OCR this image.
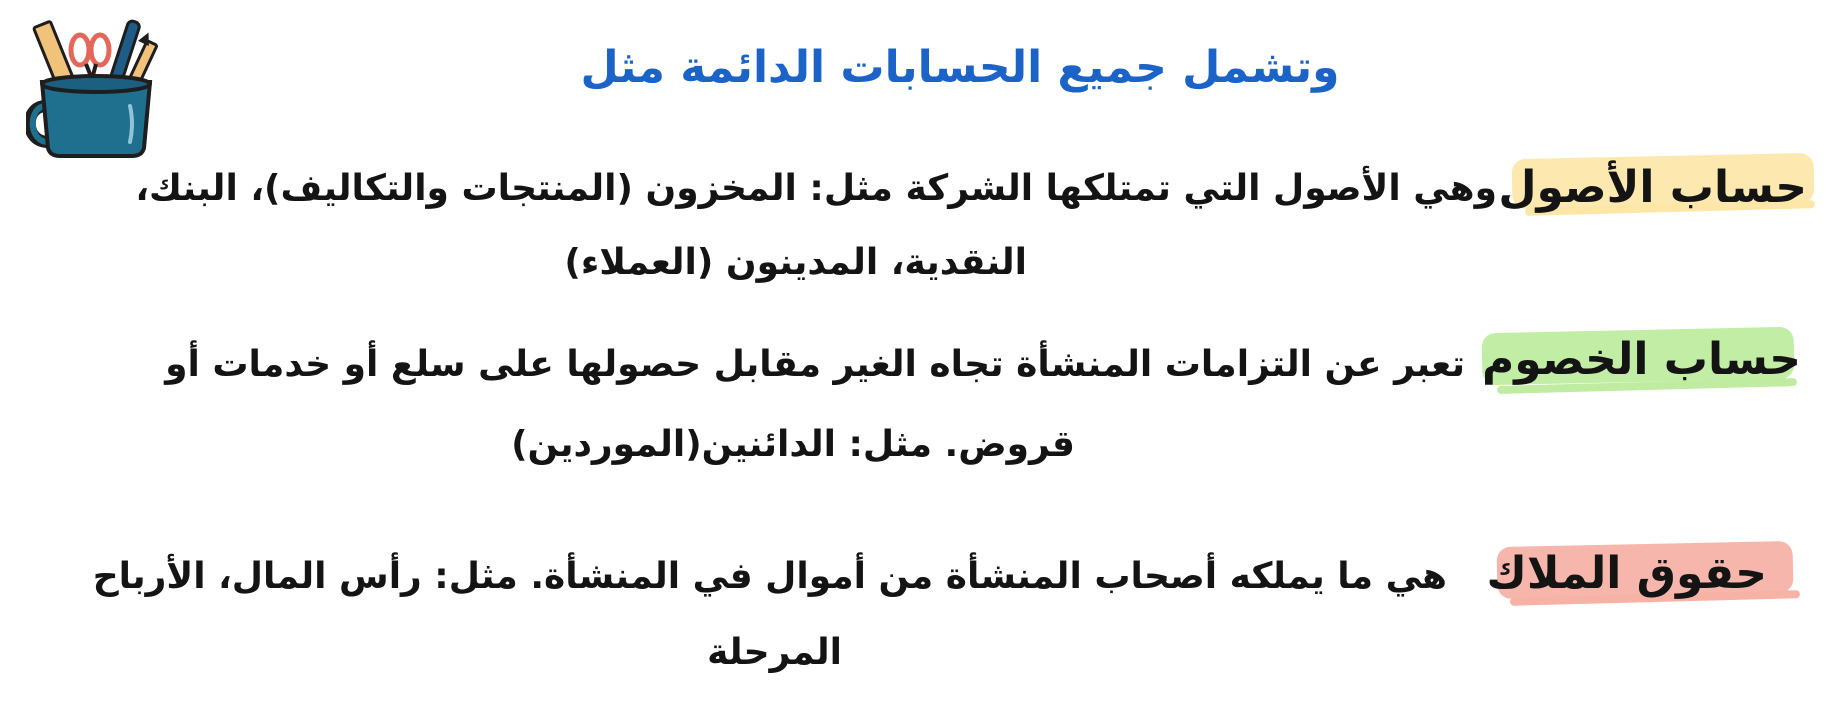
وتشمل جميع الحسابات الدائمة مثل
حساب الأصول
وهي الأصول التي تمتلكها الشركة مثل: المخزون (المنتجات والتكاليف)، البنك،
النقدية، المدينون (العملاء)
حساب الخصوم
تعبر عن التزامات المنشأة تجاه الغير مقابل حصولها على سلع أو خدمات أو
قروض. مثل: الدائنين(الموردين)
حقوق الملاك
هي ما يملكه أصحاب المنشأة من أموال في المنشأة. مثل: رأس المال، الأرباح
المرحلة
